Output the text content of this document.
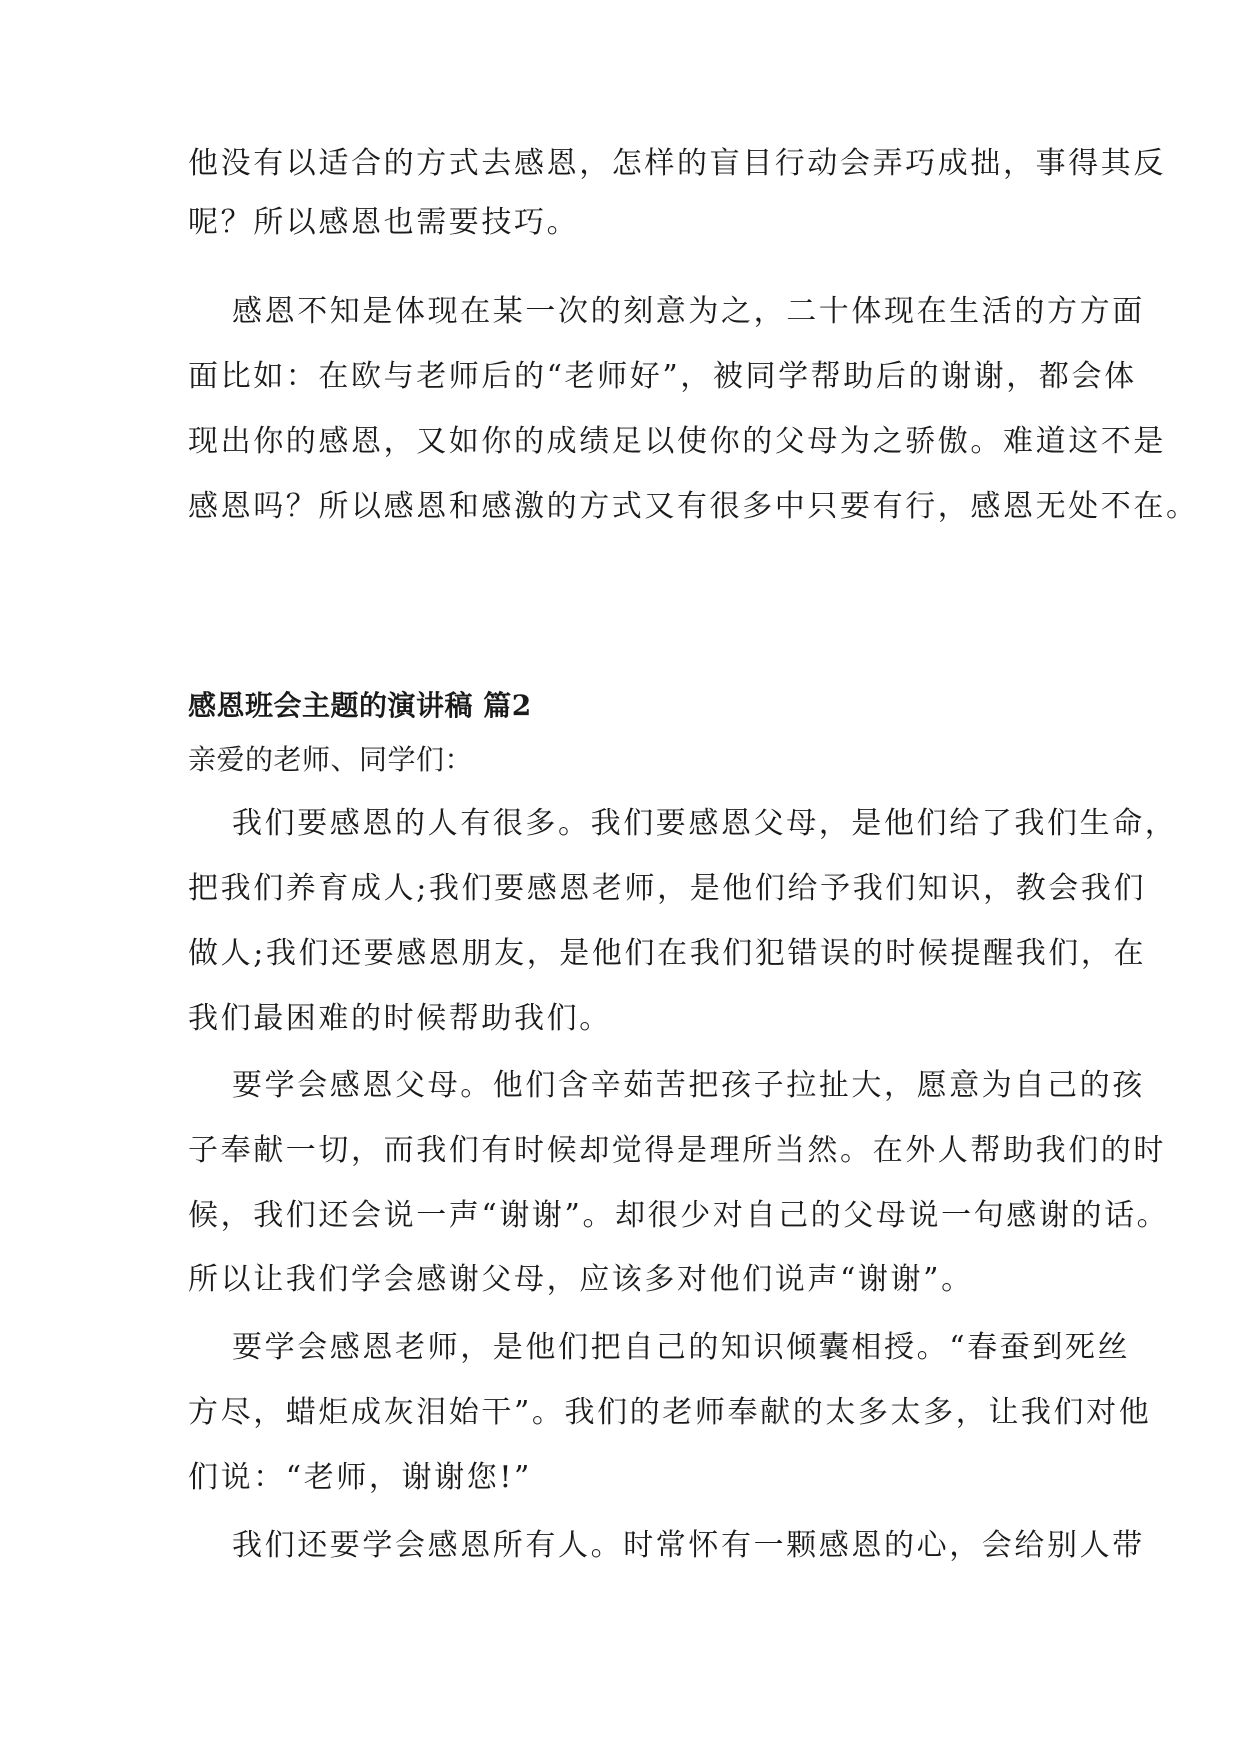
他没有以适合的方式去感恩，怎样的盲目行动会弄巧成拙，事得其反

呢？所以感恩也需要技巧。

感恩不知是体现在某一次的刻意为之，二十体现在生活的方方面

面比如：在欧与老师后的“老师好”，被同学帮助后的谢谢，都会体

现出你的感恩，又如你的成绩足以使你的父母为之骄傲。难道这不是

感恩吗？所以感恩和感激的方式又有很多中只要有行，感恩无处不在。

感恩班会主题的演讲稿 篇2

亲爱的老师、同学们：

我们要感恩的人有很多。我们要感恩父母，是他们给了我们生命，

把我们养育成人;我们要感恩老师，是他们给予我们知识，教会我们

做人;我们还要感恩朋友，是他们在我们犯错误的时候提醒我们，在

我们最困难的时候帮助我们。

要学会感恩父母。他们含辛茹苦把孩子拉扯大，愿意为自己的孩

子奉献一切，而我们有时候却觉得是理所当然。在外人帮助我们的时

候，我们还会说一声“谢谢”。却很少对自己的父母说一句感谢的话。

所以让我们学会感谢父母，应该多对他们说声“谢谢”。

要学会感恩老师，是他们把自己的知识倾囊相授。“春蚕到死丝

方尽，蜡炬成灰泪始干”。我们的老师奉献的太多太多，让我们对他

们说：“老师，谢谢您!”

我们还要学会感恩所有人。时常怀有一颗感恩的心，会给别人带
